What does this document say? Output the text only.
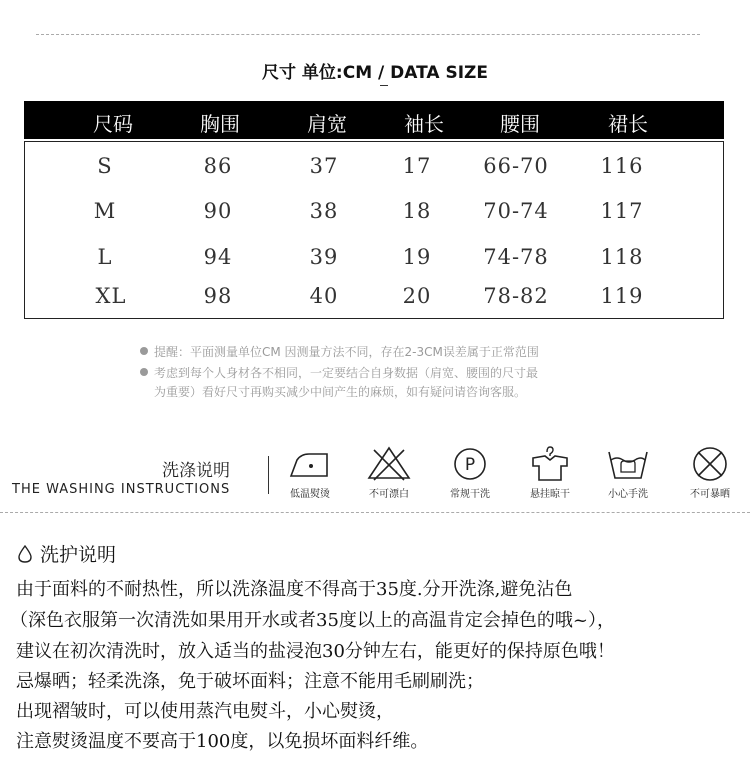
尺寸 单位:CM / DATA SIZE
尺码	胸围	肩宽	袖长	腰围	裙长
S	86	37	17 66-70 116
M	90	38	18 70-74 117
L	94	39	19 74-78 118
XL	98	40	20 78-82 119
提醒：平面测量单位CM 因测量方法不同，存在2-3CM误差属于正常范围
考虑到每个人身材各不相同，一定要结合自身数据（肩宽、腰围的尺寸最
为重要）看好尺寸再购买减少中间产生的麻烦，如有疑问请咨询客服。
洗涤说明
THE WASHING INSTRUCTIONS	低温熨烫	不可漂白
P
常规干洗	悬挂晾干	小心手洗	不可暴晒
洗护说明
由于面料的不耐热性，所以洗涤温度不得高于35度.分开洗涤,避免沾色
（深色衣服第一次清洗如果用开水或者35度以上的高温肯定会掉色的哦~），
建议在初次清洗时，放入适当的盐浸泡30分钟左右，能更好的保持原色哦！
忌爆晒；轻柔洗涤，免于破坏面料；注意不能用毛刷刷洗；
出现褶皱时，可以使用蒸汽电熨斗，小心熨烫，
注意熨烫温度不要高于100度，以免损坏面料纤维。
